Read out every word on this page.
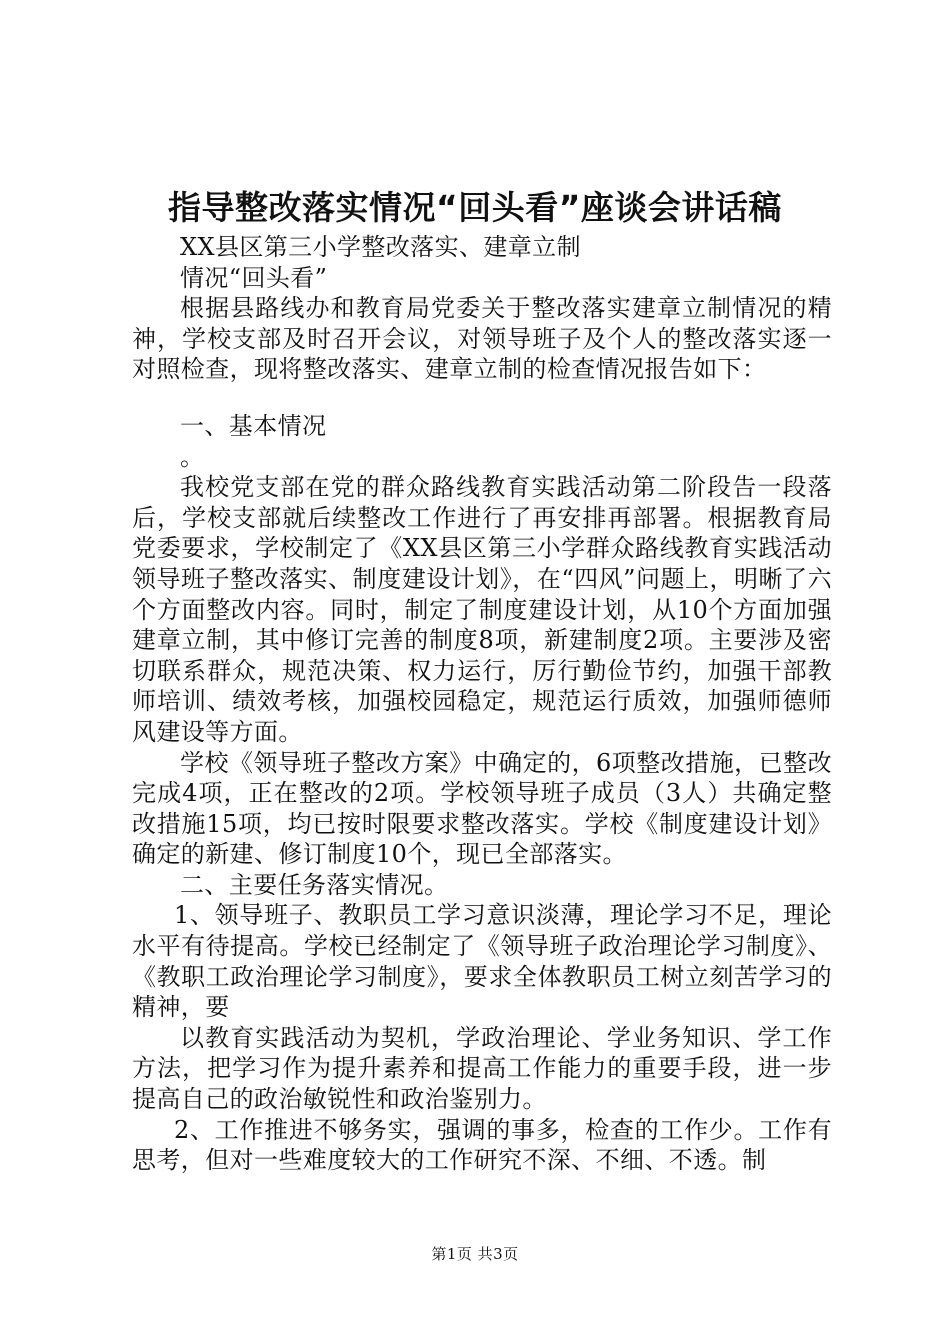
指导整改落实情况“回头看”座谈会讲话稿

XX县区第三小学整改落实、建章立制

情况“回头看”

根据县路线办和教育局党委关于整改落实建章立制情况的精神，学校支部及时召开会议，对领导班子及个人的整改落实逐一对照检查，现将整改落实、建章立制的检查情况报告如下：

一、基本情况

。

我校党支部在党的群众路线教育实践活动第二阶段告一段落后，学校支部就后续整改工作进行了再安排再部署。根据教育局党委要求，学校制定了《XX县区第三小学群众路线教育实践活动领导班子整改落实、制度建设计划》，在“四风”问题上，明晰了六个方面整改内容。同时，制定了制度建设计划，从10个方面加强建章立制，其中修订完善的制度8项，新建制度2项。主要涉及密切联系群众，规范决策、权力运行，厉行勤俭节约，加强干部教师培训、绩效考核，加强校园稳定，规范运行质效，加强师德师风建设等方面。

学校《领导班子整改方案》中确定的，6项整改措施，已整改完成4项，正在整改的2项。学校领导班子成员（3人）共确定整改措施15项，均已按时限要求整改落实。学校《制度建设计划》确定的新建、修订制度10个，现已全部落实。

二、主要任务落实情况。

1、领导班子、教职员工学习意识淡薄，理论学习不足，理论水平有待提高。学校已经制定了《领导班子政治理论学习制度》、《教职工政治理论学习制度》，要求全体教职员工树立刻苦学习的精神，要

以教育实践活动为契机，学政治理论、学业务知识、学工作方法，把学习作为提升素养和提高工作能力的重要手段，进一步提高自己的政治敏锐性和政治鉴别力。

2、工作推进不够务实，强调的事多，检查的工作少。工作有思考，但对一些难度较大的工作研究不深、不细、不透。制

第1页 共3页
